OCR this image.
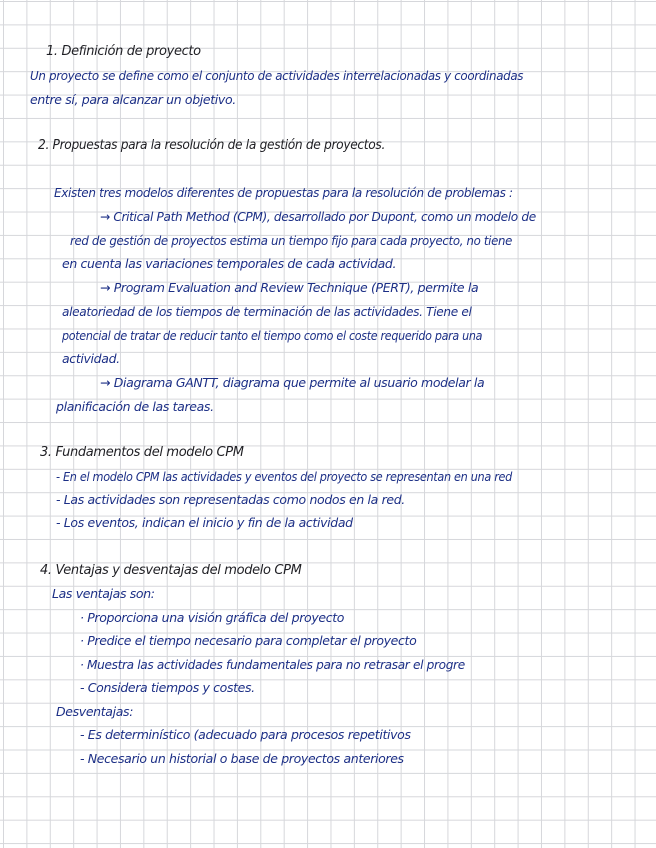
1. Definición de proyecto
Un proyecto se define como el conjunto de actividades interrelacionadas y coordinadas
entre sí, para alcanzar un objetivo.
2. Propuestas para la resolución de la gestión de proyectos.
Existen tres modelos diferentes de propuestas para la resolución de problemas :
→ Critical Path Method (CPM), desarrollado por Dupont, como un modelo de
red de gestión de proyectos estima un tiempo fijo para cada proyecto, no tiene
en cuenta las variaciones temporales de cada actividad.
→ Program Evaluation and Review Technique (PERT), permite la
aleatoriedad de los tiempos de terminación de las actividades. Tiene el
potencial de tratar de reducir tanto el tiempo como el coste requerido para una
actividad.
→ Diagrama GANTT, diagrama que permite al usuario modelar la
planificación de las tareas.
3. Fundamentos del modelo CPM
- En el modelo CPM las actividades y eventos del proyecto se representan en una red
- Las actividades son representadas como nodos en la red.
- Los eventos, indican el inicio y fin de la actividad
4. Ventajas y desventajas del modelo CPM
Las ventajas son:
· Proporciona una visión gráfica del proyecto
· Predice el tiempo necesario para completar el proyecto
· Muestra las actividades fundamentales para no retrasar el progre
- Considera tiempos y costes.
Desventajas:
- Es determinístico (adecuado para procesos repetitivos
- Necesario un historial o base de proyectos anteriores
